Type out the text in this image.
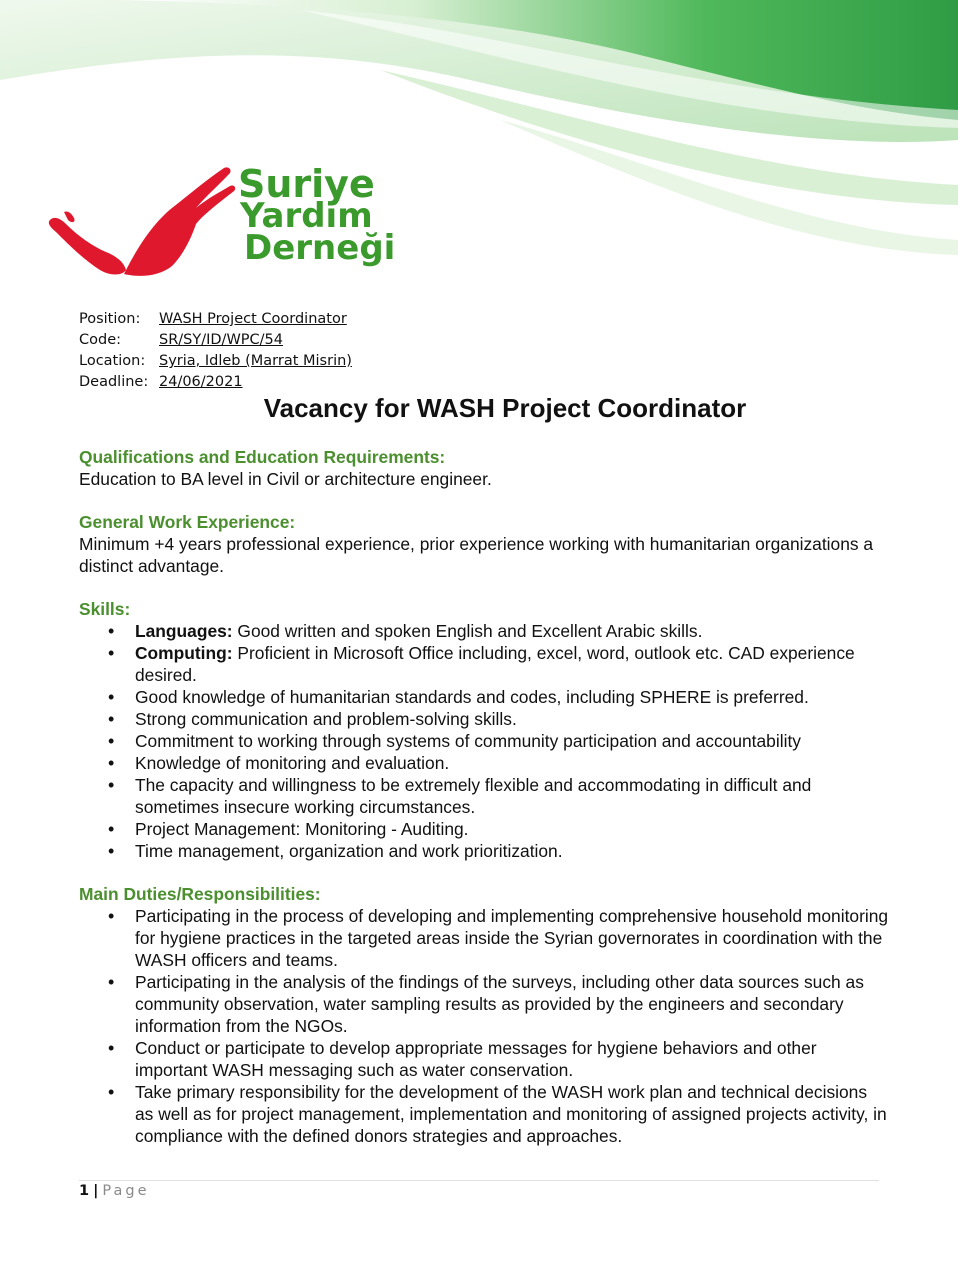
Suriye
Yardım
Derneği
Position:	WASH Project Coordinator
Code:	SR/SY/ID/WPC/54
Location: Syria, Idleb (Marrat Misrin)
Deadline: 24/06/2021
Vacancy for WASH Project Coordinator

Qualifications and Education Requirements:

Education to BA level in Civil or architecture engineer.

General Work Experience:

Minimum +4 years professional experience, prior experience working with humanitarian organizations a distinct advantage.

Skills:

• Languages: Good written and spoken English and Excellent Arabic skills.
• Computing: Proficient in Microsoft Office including, excel, word, outlook etc. CAD experience desired.
• Good knowledge of humanitarian standards and codes, including SPHERE is preferred.
• Strong communication and problem-solving skills.
• Commitment to working through systems of community participation and accountability
• Knowledge of monitoring and evaluation.
• The capacity and willingness to be extremely flexible and accommodating in difficult and sometimes insecure working circumstances.
• Project Management: Monitoring - Auditing.
• Time management, organization and work prioritization.

Main Duties/Responsibilities:

• Participating in the process of developing and implementing comprehensive household monitoring for hygiene practices in the targeted areas inside the Syrian governorates in coordination with the WASH officers and teams.
• Participating in the analysis of the findings of the surveys, including other data sources such as community observation, water sampling results as provided by the engineers and secondary information from the NGOs.
• Conduct or participate to develop appropriate messages for hygiene behaviors and other important WASH messaging such as water conservation.
• Take primary responsibility for the development of the WASH work plan and technical decisions as well as for project management, implementation and monitoring of assigned projects activity, in compliance with the defined donors strategies and approaches.
1 | Page
